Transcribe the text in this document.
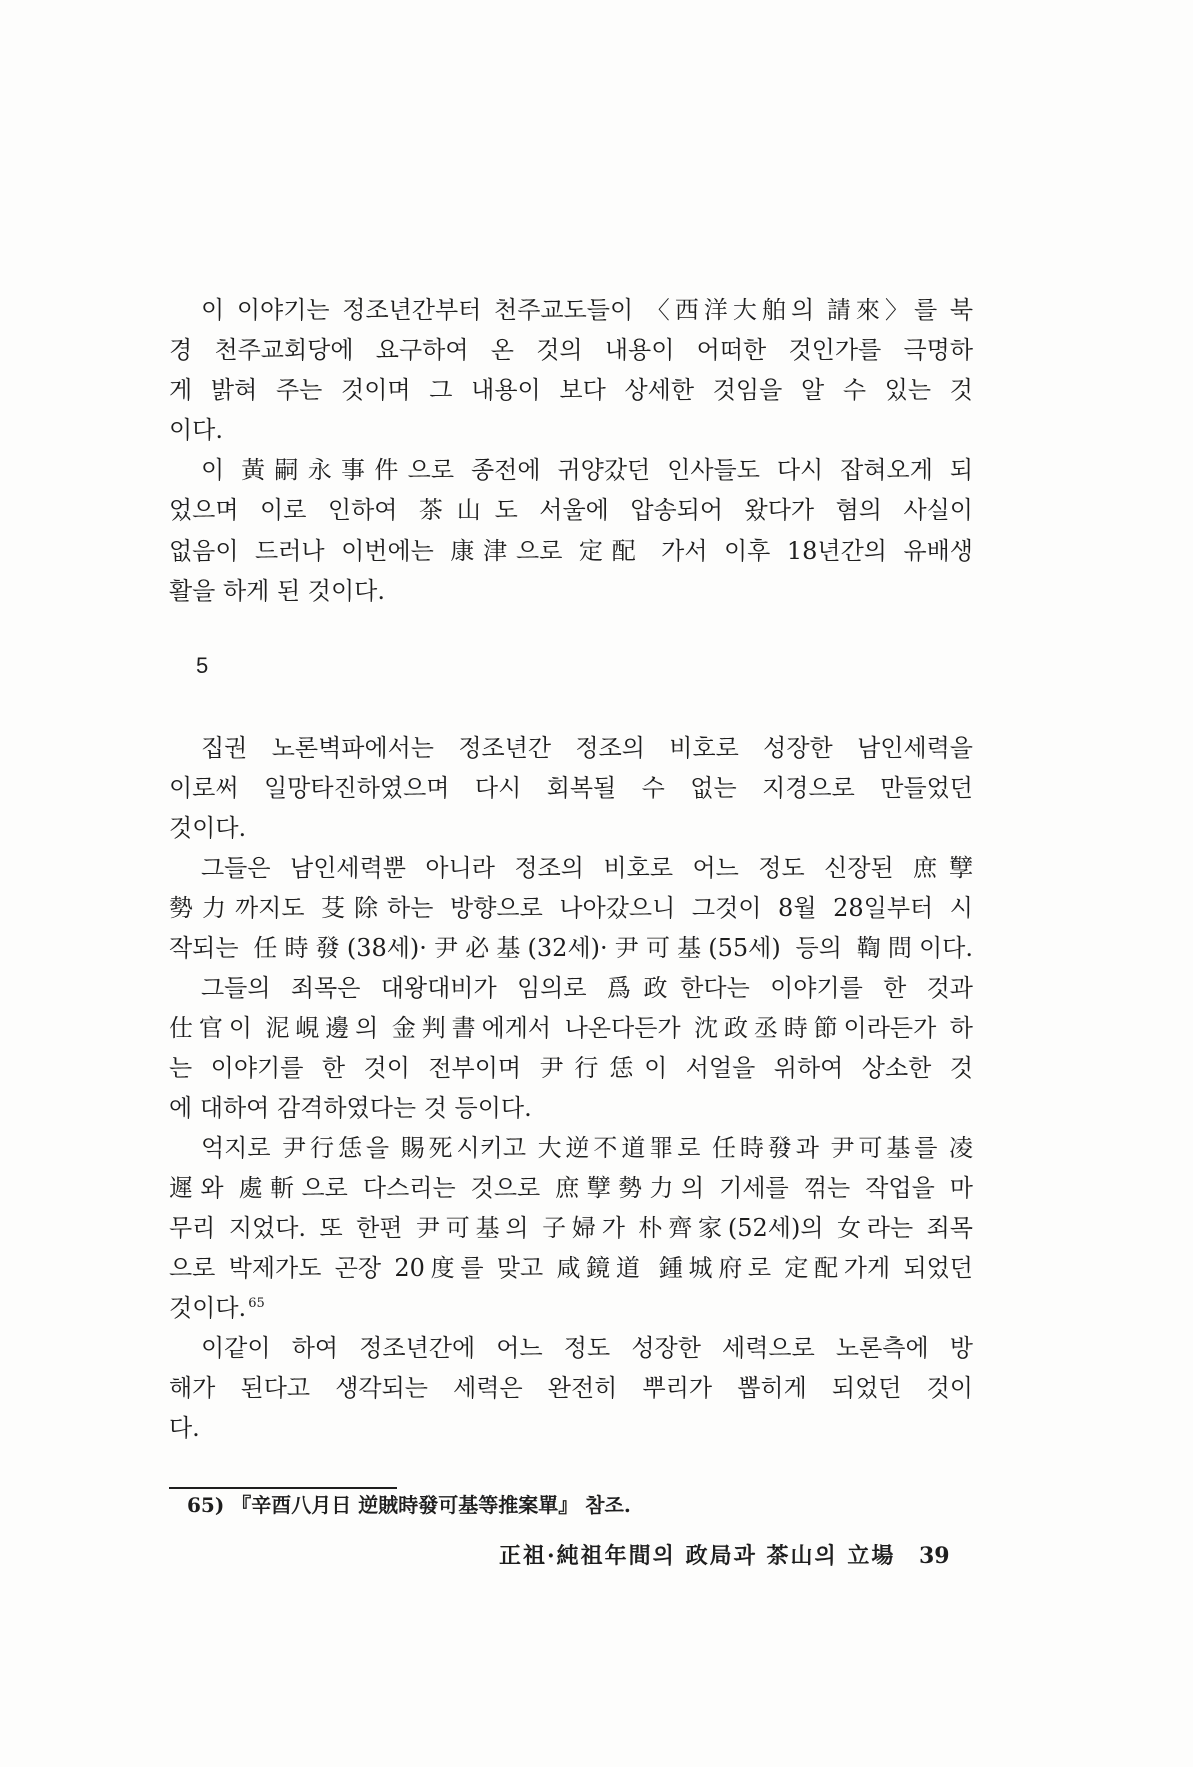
이 이야기는 정조년간부터 천주교도들이 〈西洋大舶의 請來〉를 북
경 천주교회당에 요구하여 온 것의 내용이 어떠한 것인가를 극명하
게 밝혀 주는 것이며 그 내용이 보다 상세한 것임을 알 수 있는 것
이다.
이 黃嗣永事件으로 종전에 귀양갔던 인사들도 다시 잡혀오게 되
었으며 이로 인하여 茶山도 서울에 압송되어 왔다가 혐의 사실이
없음이 드러나 이번에는 康津으로 定配 가서 이후 18년간의 유배생
활을 하게 된 것이다.
5
집권 노론벽파에서는 정조년간 정조의 비호로 성장한 남인세력을
이로써 일망타진하였으며 다시 회복될 수 없는 지경으로 만들었던
것이다.
그들은 남인세력뿐 아니라 정조의 비호로 어느 정도 신장된 庶孼
勢力까지도 芟除하는 방향으로 나아갔으니 그것이 8월 28일부터 시
작되는 任時發(38세)·尹必基(32세)·尹可基(55세) 등의 鞫問이다.
그들의 죄목은 대왕대비가 임의로 爲政한다는 이야기를 한 것과
仕官이 泥峴邊의 金判書에게서 나온다든가 沈政丞時節이라든가 하
는 이야기를 한 것이 전부이며 尹行恁이 서얼을 위하여 상소한 것
에 대하여 감격하였다는 것 등이다.
억지로 尹行恁을 賜死시키고 大逆不道罪로 任時發과 尹可基를 凌
遲와 處斬으로 다스리는 것으로 庶孼勢力의 기세를 꺾는 작업을 마
무리 지었다. 또 한편 尹可基의 子婦가 朴齊家(52세)의 女라는 죄목
으로 박제가도 곤장 20度를 맞고 咸鏡道 鍾城府로 定配가게 되었던
것이다. $^{65}$
이같이 하여 정조년간에 어느 정도 성장한 세력으로 노론측에 방
해가 된다고 생각되는 세력은 완전히 뿌리가 뽑히게 되었던 것이
다.
65) 『辛酉八月日 逆賊時發可基等推案單』 참조.
正祖·純祖年間의 政局과 茶山의 立場 39
